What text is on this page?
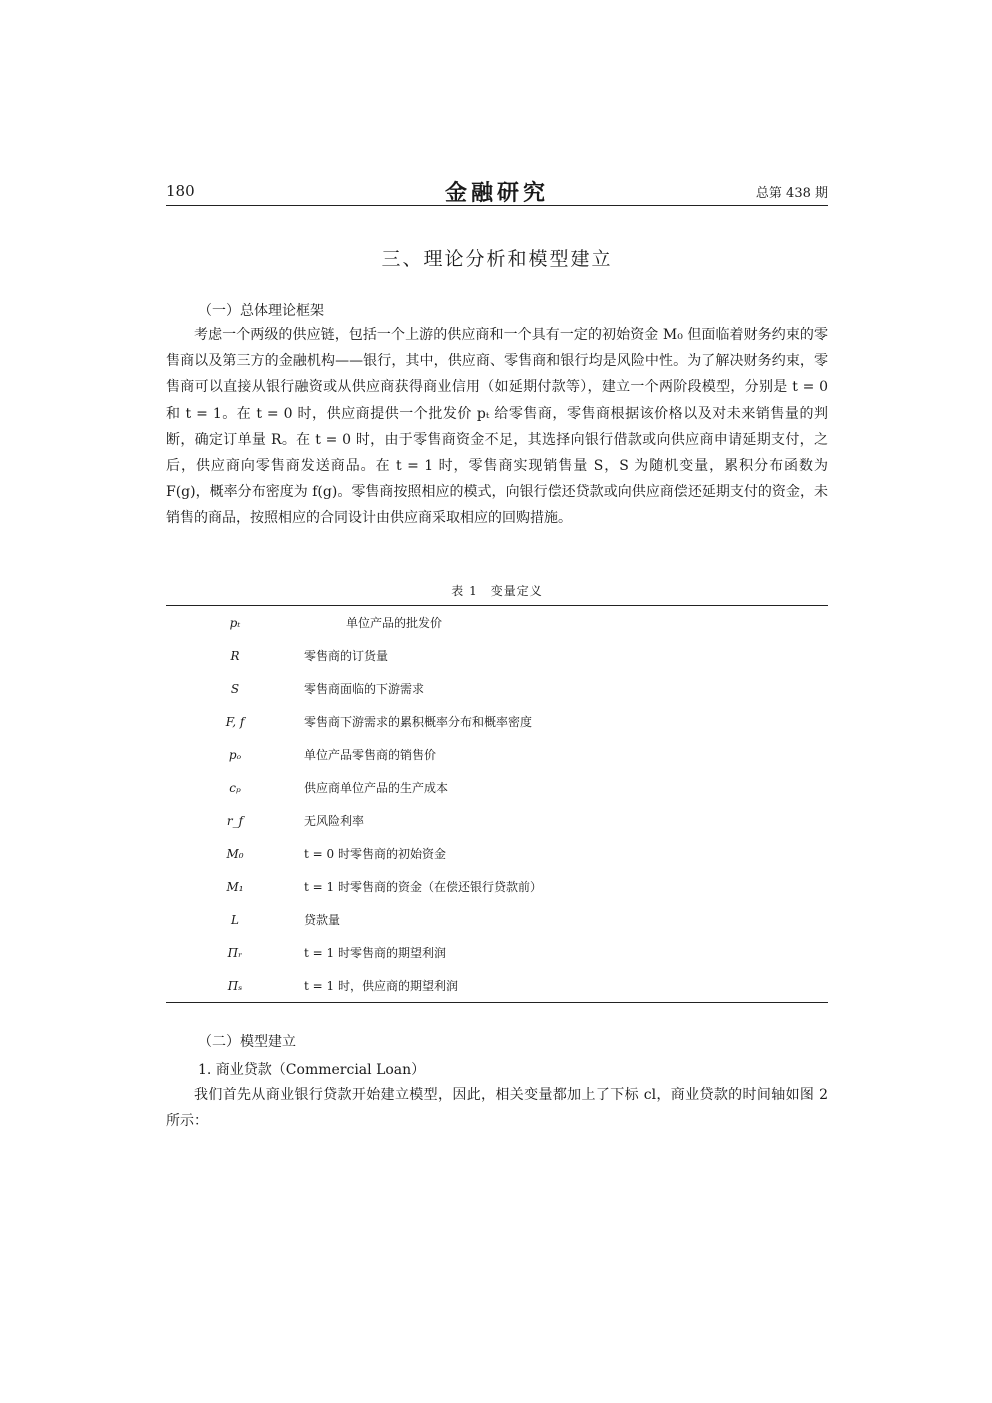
180	金融研究	总第 438 期
三、理论分析和模型建立
（一）总体理论框架

考虑一个两级的供应链，包括一个上游的供应商和一个具有一定的初始资金 M₀ 但面临着财务约束的零售商以及第三方的金融机构——银行，其中，供应商、零售商和银行均是风险中性。为了解决财务约束，零售商可以直接从银行融资或从供应商获得商业信用（如延期付款等），建立一个两阶段模型，分别是 t = 0 和 t = 1。在 t = 0 时，供应商提供一个批发价 pₜ 给零售商，零售商根据该价格以及对未来销售量的判断，确定订单量 R。在 t = 0 时，由于零售商资金不足，其选择向银行借款或向供应商申请延期支付，之后，供应商向零售商发送商品。在 t = 1 时，零售商实现销售量 S，S 为随机变量，累积分布函数为 F(g)，概率分布密度为 f(g)。零售商按照相应的模式，向银行偿还贷款或向供应商偿还延期支付的资金，未销售的商品，按照相应的合同设计由供应商采取相应的回购措施。

表 1　变量定义
pₜ	单位产品的批发价
R	零售商的订货量
S	零售商面临的下游需求
F, f	零售商下游需求的累积概率分布和概率密度
pₒ	单位产品零售商的销售价
cₚ	供应商单位产品的生产成本
r_f	无风险利率
M₀	t = 0 时零售商的初始资金
M₁	t = 1 时零售商的资金（在偿还银行贷款前）
L	贷款量
Πᵣ	t = 1 时零售商的期望利润
Πₛ	t = 1 时，供应商的期望利润
（二）模型建立
1. 商业贷款（Commercial Loan）

我们首先从商业银行贷款开始建立模型，因此，相关变量都加上了下标 cl，商业贷款的时间轴如图 2 所示：
